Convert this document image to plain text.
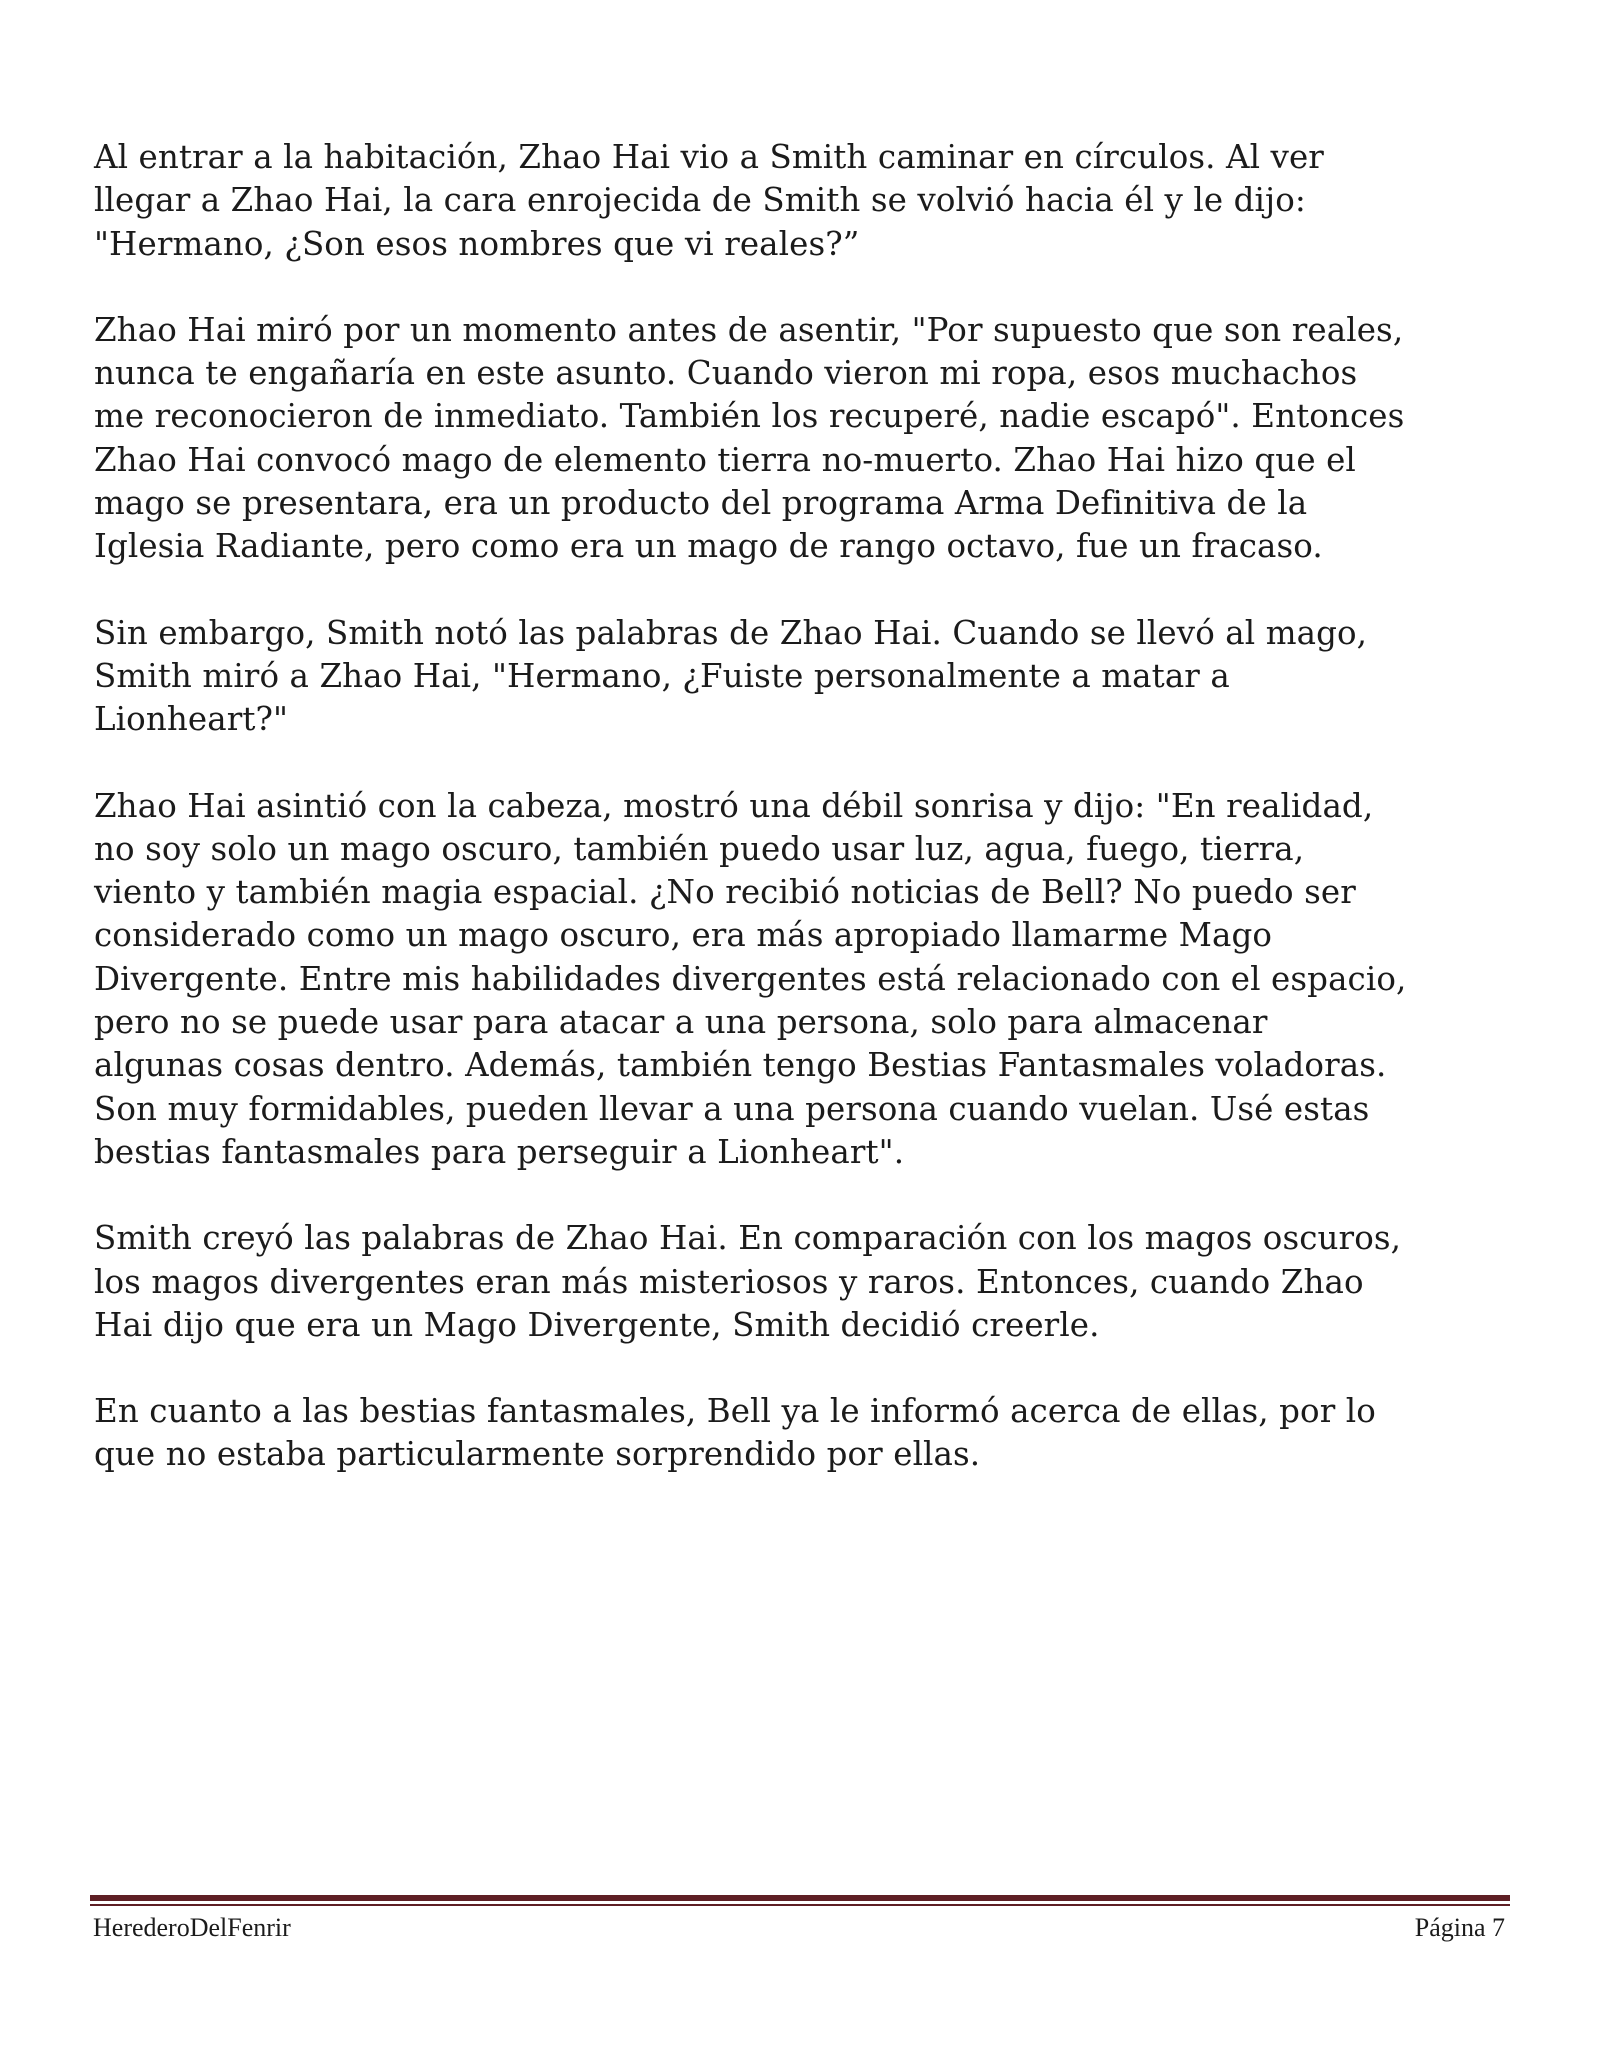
Al entrar a la habitación, Zhao Hai vio a Smith caminar en círculos. Al ver
llegar a Zhao Hai, la cara enrojecida de Smith se volvió hacia él y le dijo:
"Hermano, ¿Son esos nombres que vi reales?”

Zhao Hai miró por un momento antes de asentir, "Por supuesto que son reales,
nunca te engañaría en este asunto. Cuando vieron mi ropa, esos muchachos
me reconocieron de inmediato. También los recuperé, nadie escapó". Entonces
Zhao Hai convocó mago de elemento tierra no-muerto. Zhao Hai hizo que el
mago se presentara, era un producto del programa Arma Definitiva de la
Iglesia Radiante, pero como era un mago de rango octavo, fue un fracaso.

Sin embargo, Smith notó las palabras de Zhao Hai. Cuando se llevó al mago,
Smith miró a Zhao Hai, "Hermano, ¿Fuiste personalmente a matar a
Lionheart?"

Zhao Hai asintió con la cabeza, mostró una débil sonrisa y dijo: "En realidad,
no soy solo un mago oscuro, también puedo usar luz, agua, fuego, tierra,
viento y también magia espacial. ¿No recibió noticias de Bell? No puedo ser
considerado como un mago oscuro, era más apropiado llamarme Mago
Divergente. Entre mis habilidades divergentes está relacionado con el espacio,
pero no se puede usar para atacar a una persona, solo para almacenar
algunas cosas dentro. Además, también tengo Bestias Fantasmales voladoras.
Son muy formidables, pueden llevar a una persona cuando vuelan. Usé estas
bestias fantasmales para perseguir a Lionheart".

Smith creyó las palabras de Zhao Hai. En comparación con los magos oscuros,
los magos divergentes eran más misteriosos y raros. Entonces, cuando Zhao
Hai dijo que era un Mago Divergente, Smith decidió creerle.

En cuanto a las bestias fantasmales, Bell ya le informó acerca de ellas, por lo
que no estaba particularmente sorprendido por ellas.

HerederoDelFenrir	Página 7
